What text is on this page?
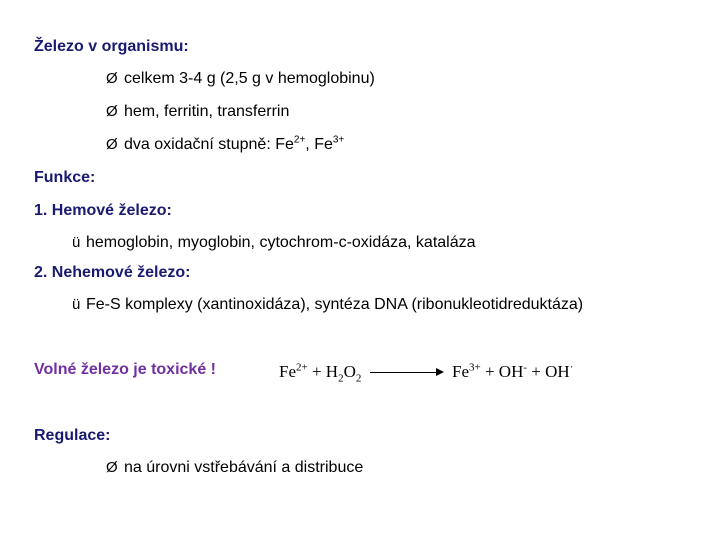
Železo v organismu:
Ø celkem 3-4 g (2,5 g v hemoglobinu)
Ø hem, ferritin, transferrin
Ø dva oxidační stupně: $Fe^{2+}$, $Fe^{3+}$
Funkce:
1. Hemové železo:
ü hemoglobin, myoglobin, cytochrom-c-oxidáza, kataláza
2. Nehemové železo:
ü Fe-S komplexy (xantinoxidáza), syntéza DNA (ribonukleotidreduktáza)
Volné železo je toxické !	$Fe^{2+} + H_2O_2$	$Fe^{3+} + OH^- + OH^\cdot$
Regulace:
Ø na úrovni vstřebávání a distribuce
